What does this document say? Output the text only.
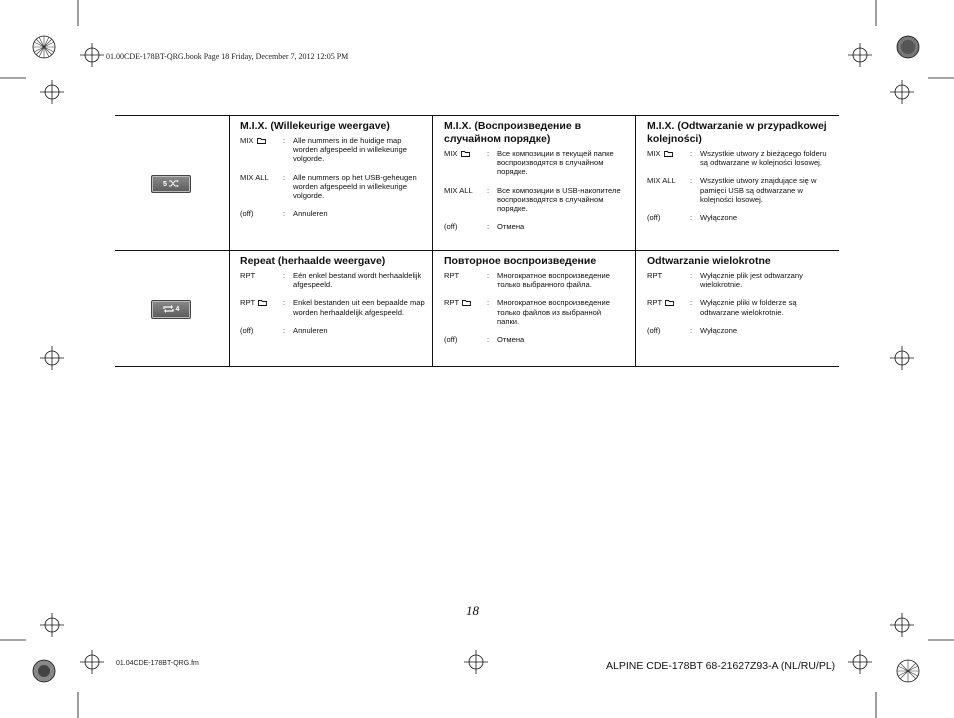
01.00CDE-178BT-QRG.book Page 18 Friday, December 7, 2012 12:05 PM
5
4
M.I.X. (Willekeurige weergave)
MIX	:	Alle nummers in de huidige map worden afgespeeld in willekeurige volgorde.
MIX ALL	:	Alle nummers op het USB-geheugen worden afgespeeld in willekeurige volgorde.
(off)	:	Annuleren
M.I.X. (Воспроизведение в случайном порядке)
MIX	:	Все композиции в текущей папке воспроизводятся в случайном порядке.
MIX ALL	:	Все композиции в USB-накопителе воспроизводятся в случайном порядке.
(off)	:	Отмена
M.I.X. (Odtwarzanie w przypadkowej kolejności)
MIX	:	Wszystkie utwory z bieżącego folderu są odtwarzane w kolejności losowej.
MIX ALL	:	Wszystkie utwory znajdujące się w pamięci USB są odtwarzane w kolejności losowej.
(off)	:	Wyłączone
Repeat (herhaalde weergave)
RPT	:	Eén enkel bestand wordt herhaaldelijk afgespeeld.
RPT	:	Enkel bestanden uit een bepaalde map worden herhaaldelijk afgespeeld.
(off)	:	Annuleren
Повторное воспроизведение
RPT	:	Многократное воспроизведение только выбранного файла.
RPT	:	Многократное воспроизведение только файлов из выбранной папки.
(off)	:	Отмена
Odtwarzanie wielokrotne
RPT	:	Wyłącznie plik jest odtwarzany wielokrotnie.
RPT	:	Wyłącznie pliki w folderze są odtwarzane wielokrotnie.
(off)	:	Wyłączone
18
01.04CDE-178BT-QRG.fm	ALPINE CDE-178BT 68-21627Z93-A (NL/RU/PL)
